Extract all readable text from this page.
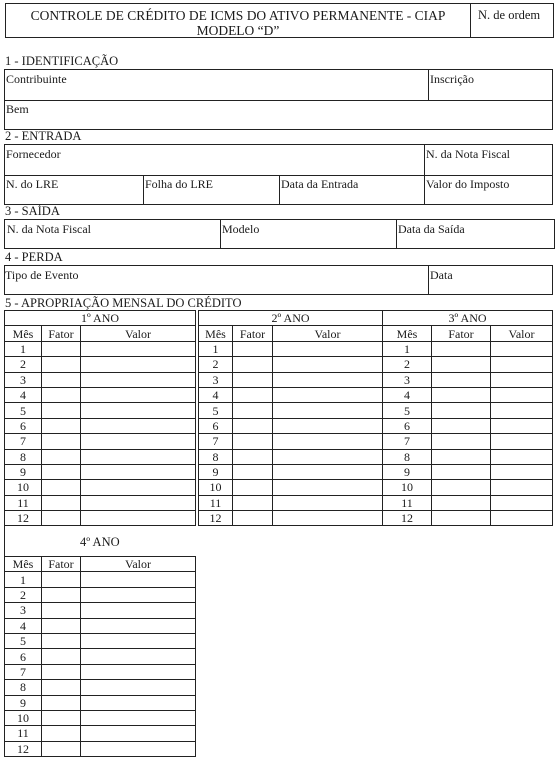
CONTROLE DE CRÉDITO DE ICMS DO ATIVO PERMANENTE - CIAP
MODELO “D”
N. de ordem
1 - IDENTIFICAÇÃO
Contribuinte	Inscrição
Bem
2 - ENTRADA
Fornecedor	N. da Nota Fiscal
N. do LRE	Folha do LRE	Data da Entrada	Valor do Imposto
3 - SAÍDA
N. da Nota Fiscal	Modelo	Data da Saída
4 - PERDA
Tipo de Evento	Data
5 - APROPRIAÇÃO MENSAL DO CRÉDITO
1º ANO		
Mês	Fator	Valor
1		
2		
3		
4		
5		
6		
7		
8		
9		
10		
11		
12		
2º ANO		
Mês	Fator	Valor
1		
2		
3		
4		
5		
6		
7		
8		
9		
10		
11		
12		
3º ANO		
Mês	Fator	Valor
1		
2		
3		
4		
5		
6		
7		
8		
9		
10		
11		
12		
Mês	Fator	Valor
1		
2		
3		
4		
5		
6		
7		
8		
9		
10		
11		
12		
4º ANO
